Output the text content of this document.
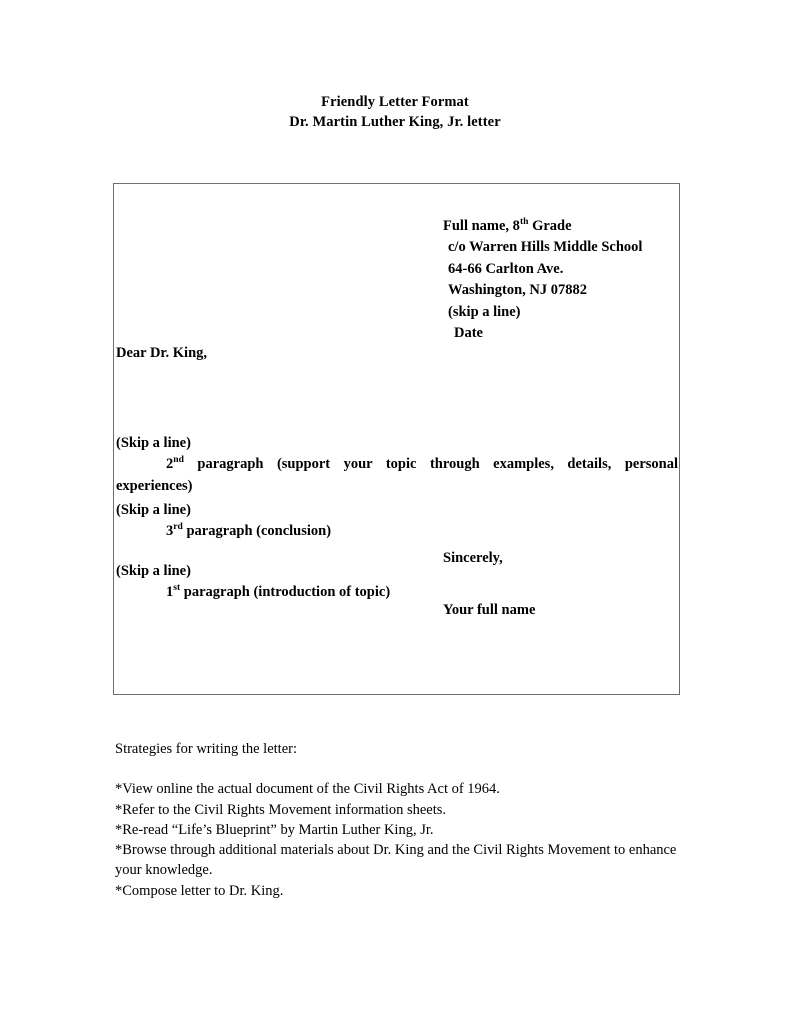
Friendly Letter Format
Dr. Martin Luther King, Jr. letter
Full name, 8th Grade
c/o Warren Hills Middle School
64-66 Carlton Ave.
Washington, NJ 07882
(skip a line)
Date
Dear Dr. King,
(Skip a line)
1st paragraph (introduction of topic)
(Skip a line)
2nd paragraph (support your topic through examples, details, personal experiences)
(Skip a line)
3rd paragraph (conclusion)
Sincerely,
Your full name
Strategies for writing the letter:
*View online the actual document of the Civil Rights Act of 1964.
*Refer to the Civil Rights Movement information sheets.
*Re-read “Life’s Blueprint” by Martin Luther King, Jr.
*Browse through additional materials about Dr. King and the Civil Rights Movement to enhance your knowledge.
*Compose letter to Dr. King.
